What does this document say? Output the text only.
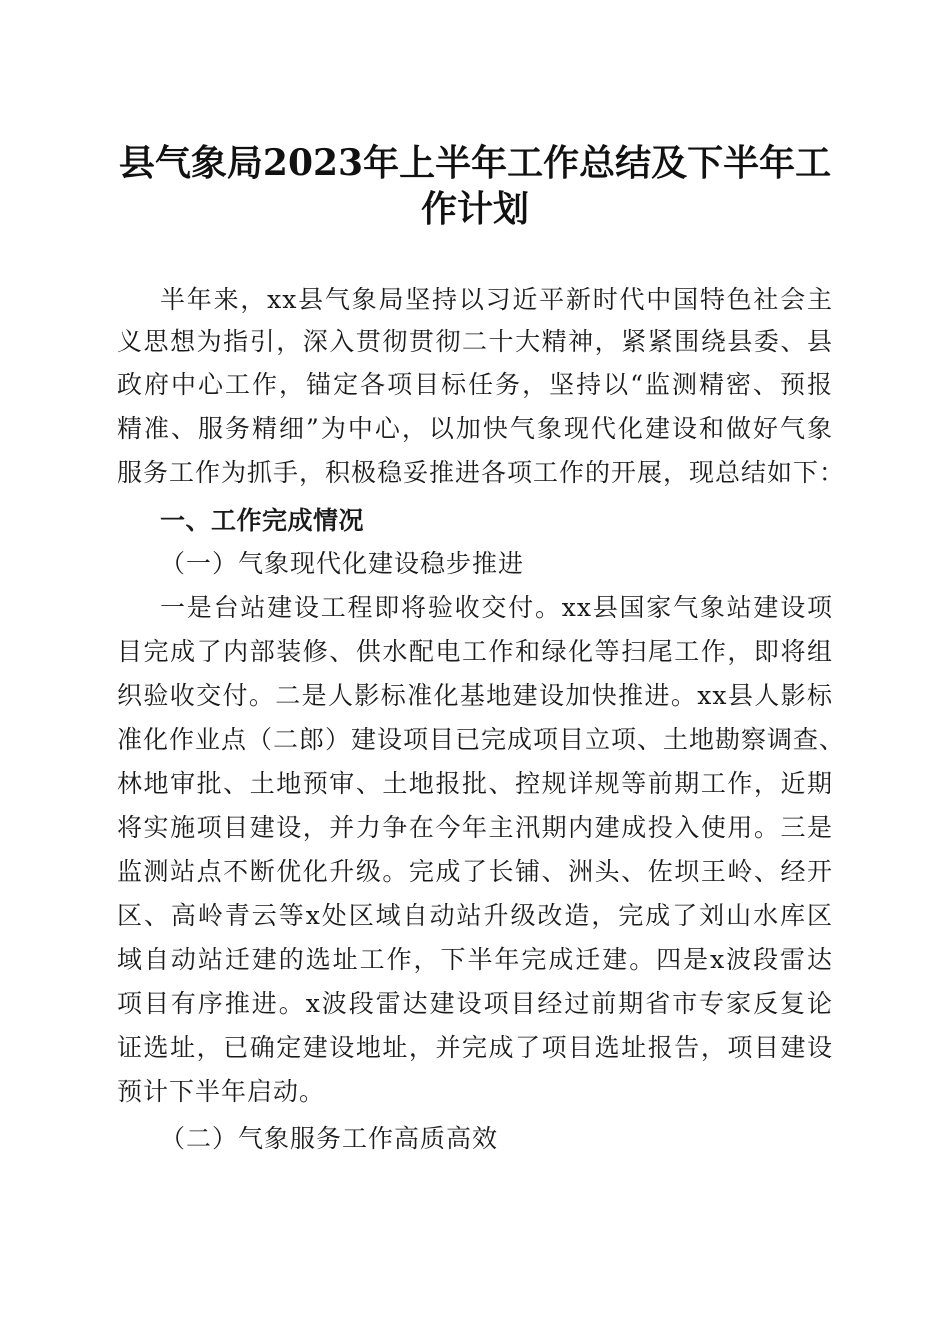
县气象局2023年上半年工作总结及下半年工
作计划
半年来，xx县气象局坚持以习近平新时代中国特色社会主
义思想为指引，深入贯彻贯彻二十大精神，紧紧围绕县委、县
政府中心工作，锚定各项目标任务，坚持以“监测精密、预报
精准、服务精细”为中心，以加快气象现代化建设和做好气象
服务工作为抓手，积极稳妥推进各项工作的开展，现总结如下：
一、工作完成情况
（一）气象现代化建设稳步推进
一是台站建设工程即将验收交付。xx县国家气象站建设项
目完成了内部装修、供水配电工作和绿化等扫尾工作，即将组
织验收交付。二是人影标准化基地建设加快推进。xx县人影标
准化作业点（二郎）建设项目已完成项目立项、土地勘察调查、
林地审批、土地预审、土地报批、控规详规等前期工作，近期
将实施项目建设，并力争在今年主汛期内建成投入使用。三是
监测站点不断优化升级。完成了长铺、洲头、佐坝王岭、经开
区、高岭青云等x处区域自动站升级改造，完成了刘山水库区
域自动站迁建的选址工作，下半年完成迁建。四是x波段雷达
项目有序推进。x波段雷达建设项目经过前期省市专家反复论
证选址，已确定建设地址，并完成了项目选址报告，项目建设
预计下半年启动。
（二）气象服务工作高质高效
